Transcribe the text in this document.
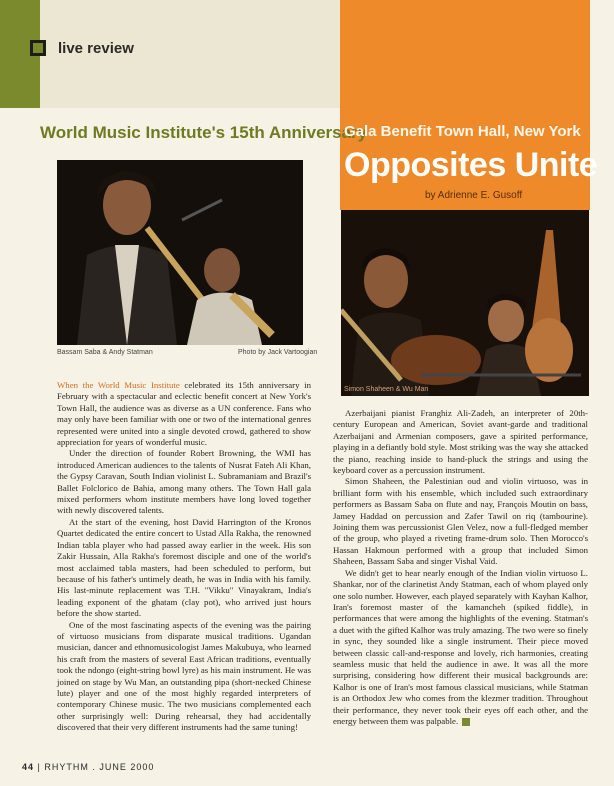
live review
World Music Institute's 15th Anniversary
Gala Benefit Town Hall, New York
Opposites Unite
by Adrienne E. Gusoff
Bassam Saba & Andy Statman	Photo by Jack Vartoogian
Simon Shaheen & Wu Man

When the World Music Institute celebrated its 15th anniversary in February with a spectacular and eclectic benefit concert at New York's Town Hall, the audience was as diverse as a UN conference. Fans who may only have been familiar with one or two of the international genres represented were united into a single devoted crowd, gathered to show appreciation for years of wonderful music.

Under the direction of founder Robert Browning, the WMI has introduced American audiences to the talents of Nusrat Fateh Ali Khan, the Gypsy Caravan, South Indian violinist L. Subramaniam and Brazil's Ballet Folclorico de Bahia, among many others. The Town Hall gala mixed performers whom institute members have long loved together with newly discovered talents.

At the start of the evening, host David Harrington of the Kronos Quartet dedicated the entire concert to Ustad Alla Rakha, the renowned Indian tabla player who had passed away earlier in the week. His son Zakir Hussain, Alla Rakha's foremost disciple and one of the world's most acclaimed tabla masters, had been scheduled to perform, but because of his father's untimely death, he was in India with his family. His last-minute replacement was T.H. "Vikku" Vinayakram, India's leading exponent of the ghatam (clay pot), who arrived just hours before the show started.

One of the most fascinating aspects of the evening was the pairing of virtuoso musicians from disparate musical traditions. Ugandan musician, dancer and ethnomusicologist James Makubuya, who learned his craft from the masters of several East African traditions, eventually took the ndongo (eight-string bowl lyre) as his main instrument. He was joined on stage by Wu Man, an outstanding pipa (short-necked Chinese lute) player and one of the most highly regarded interpreters of contemporary Chinese music. The two musicians complemented each other surprisingly well: During rehearsal, they had accidentally discovered that their very different instruments had the same tuning!

Azerbaijani pianist Franghiz Ali-Zadeh, an interpreter of 20th-century European and American, Soviet avant-garde and traditional Azerbaijani and Armenian composers, gave a spirited performance, playing in a defiantly bold style. Most striking was the way she attacked the piano, reaching inside to hand-pluck the strings and using the keyboard cover as a percussion instrument.

Simon Shaheen, the Palestinian oud and violin virtuoso, was in brilliant form with his ensemble, which included such extraordinary performers as Bassam Saba on flute and nay, François Moutin on bass, Jamey Haddad on percussion and Zafer Tawil on riq (tambourine). Joining them was percussionist Glen Velez, now a full-fledged member of the group, who played a riveting frame-drum solo. Then Morocco's Hassan Hakmoun performed with a group that included Simon Shaheen, Bassam Saba and singer Vishal Vaid.

We didn't get to hear nearly enough of the Indian violin virtuoso L. Shankar, nor of the clarinetist Andy Statman, each of whom played only one solo number. However, each played separately with Kayhan Kalhor, Iran's foremost master of the kamancheh (spiked fiddle), in performances that were among the highlights of the evening. Statman's a duet with the gifted Kalhor was truly amazing. The two were so finely in sync, they sounded like a single instrument. Their piece moved between classic call-and-response and lovely, rich harmonies, creating seamless music that held the audience in awe. It was all the more surprising, considering how different their musical backgrounds are: Kalhor is one of Iran's most famous classical musicians, while Statman is an Orthodox Jew who comes from the klezmer tradition. Throughout their performance, they never took their eyes off each other, and the energy between them was palpable.

44 | RHYTHM . JUNE 2000
